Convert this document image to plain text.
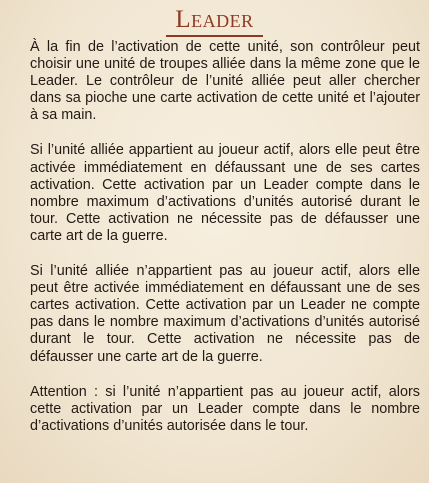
Leader

À la fin de l’activation de cette unité, son contrôleur peut choisir une unité de troupes alliée dans la même zone que le Leader. Le contrôleur de l’unité alliée peut aller chercher dans sa pioche une carte activation de cette unité et l’ajouter à sa main.

Si l’unité alliée appartient au joueur actif, alors elle peut être activée immédiatement en défaussant une de ses cartes activation. Cette activation par un Leader compte dans le nombre maximum d’activations d’unités autorisé durant le tour. Cette activation ne nécessite pas de défausser une carte art de la guerre.

Si l’unité alliée n’appartient pas au joueur actif, alors elle peut être activée immédiatement en défaussant une de ses cartes activation. Cette activation par un Leader ne compte pas dans le nombre maximum d’activations d’unités autorisé durant le tour. Cette activation ne nécessite pas de défausser une carte art de la guerre.

Attention : si l’unité n’appartient pas au joueur actif, alors cette activation par un Leader compte dans le nombre d’activations d’unités autorisée dans le tour.
